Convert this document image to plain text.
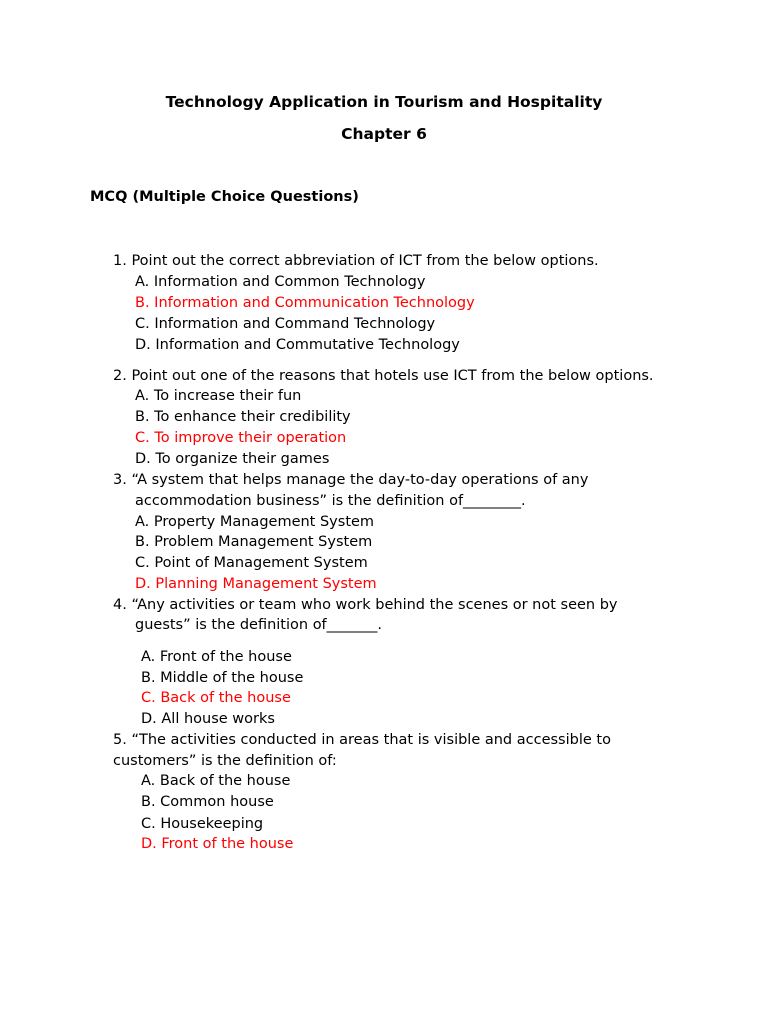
Technology Application in Tourism and Hospitality
Chapter 6
MCQ (Multiple Choice Questions)
1. Point out the correct abbreviation of ICT from the below options.
A. Information and Common Technology
B. Information and Communication Technology
C. Information and Command Technology
D. Information and Commutative Technology
2. Point out one of the reasons that hotels use ICT from the below options.
A. To increase their fun
B. To enhance their credibility
C. To improve their operation
D. To organize their games
3. “A system that helps manage the day-to-day operations of any
accommodation business” is the definition of________.
A. Property Management System
B. Problem Management System
C. Point of Management System
D. Planning Management System
4. “Any activities or team who work behind the scenes or not seen by
guests” is the definition of_______.
A. Front of the house
B. Middle of the house
C. Back of the house
D. All house works
5. “The activities conducted in areas that is visible and accessible to
customers” is the definition of:
A. Back of the house
B. Common house
C. Housekeeping
D. Front of the house
